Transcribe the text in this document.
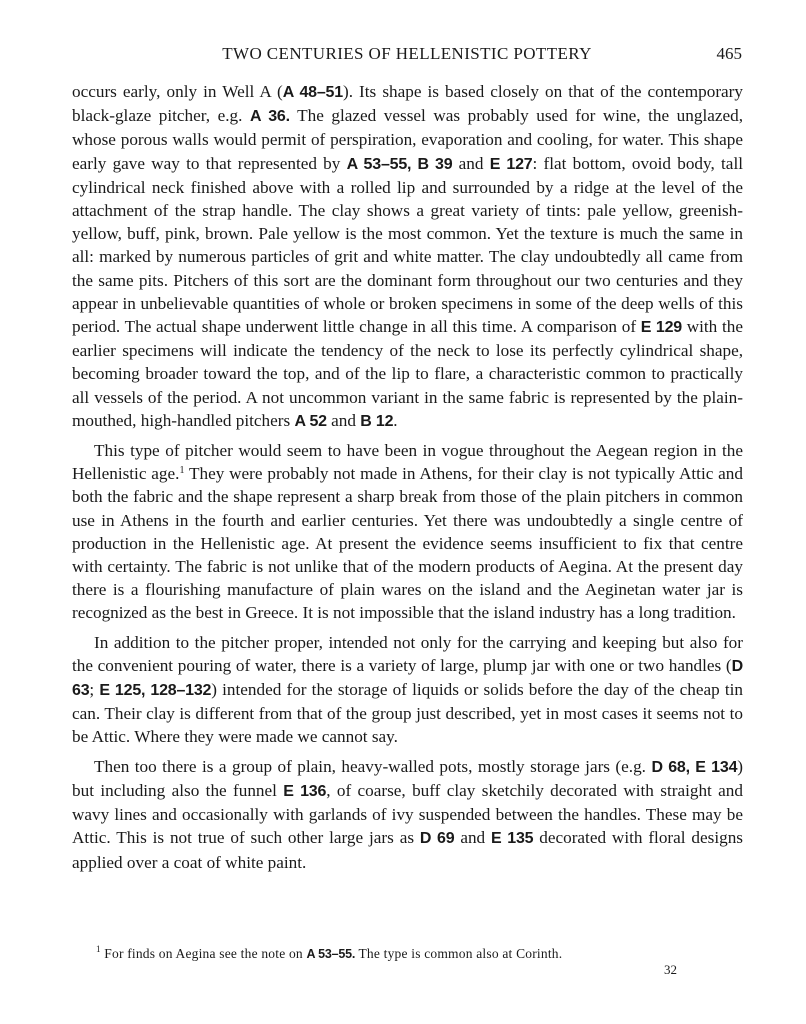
TWO CENTURIES OF HELLENISTIC POTTERY	465

occurs early, only in Well A (A 48–51). Its shape is based closely on that of the contemporary black-glaze pitcher, e.g. A 36. The glazed vessel was probably used for wine, the unglazed, whose porous walls would permit of perspiration, evaporation and cooling, for water. This shape early gave way to that represented by A 53–55, B 39 and E 127: flat bottom, ovoid body, tall cylindrical neck finished above with a rolled lip and surrounded by a ridge at the level of the attachment of the strap handle. The clay shows a great variety of tints: pale yellow, greenish-yellow, buff, pink, brown. Pale yellow is the most common. Yet the texture is much the same in all: marked by numerous particles of grit and white matter. The clay undoubtedly all came from the same pits. Pitchers of this sort are the dominant form throughout our two centuries and they appear in unbelievable quantities of whole or broken specimens in some of the deep wells of this period. The actual shape underwent little change in all this time. A comparison of E 129 with the earlier specimens will indicate the tendency of the neck to lose its perfectly cylindrical shape, becoming broader toward the top, and of the lip to flare, a characteristic common to practically all vessels of the period. A not uncommon variant in the same fabric is represented by the plain-mouthed, high-handled pitchers A 52 and B 12.

This type of pitcher would seem to have been in vogue throughout the Aegean region in the Hellenistic age.$^1$ They were probably not made in Athens, for their clay is not typically Attic and both the fabric and the shape represent a sharp break from those of the plain pitchers in common use in Athens in the fourth and earlier centuries. Yet there was undoubtedly a single centre of production in the Hellenistic age. At present the evidence seems insufficient to fix that centre with certainty. The fabric is not unlike that of the modern products of Aegina. At the present day there is a flourishing manufacture of plain wares on the island and the Aeginetan water jar is recognized as the best in Greece. It is not impossible that the island industry has a long tradition.

In addition to the pitcher proper, intended not only for the carrying and keeping but also for the convenient pouring of water, there is a variety of large, plump jar with one or two handles (D 63; E 125, 128–132) intended for the storage of liquids or solids before the day of the cheap tin can. Their clay is different from that of the group just described, yet in most cases it seems not to be Attic. Where they were made we cannot say.

Then too there is a group of plain, heavy-walled pots, mostly storage jars (e.g. D 68, E 134) but including also the funnel E 136, of coarse, buff clay sketchily decorated with straight and wavy lines and occasionally with garlands of ivy suspended between the handles. These may be Attic. This is not true of such other large jars as D 69 and E 135 decorated with floral designs applied over a coat of white paint.

$^1$ For finds on Aegina see the note on A 53–55. The type is common also at Corinth.
32
